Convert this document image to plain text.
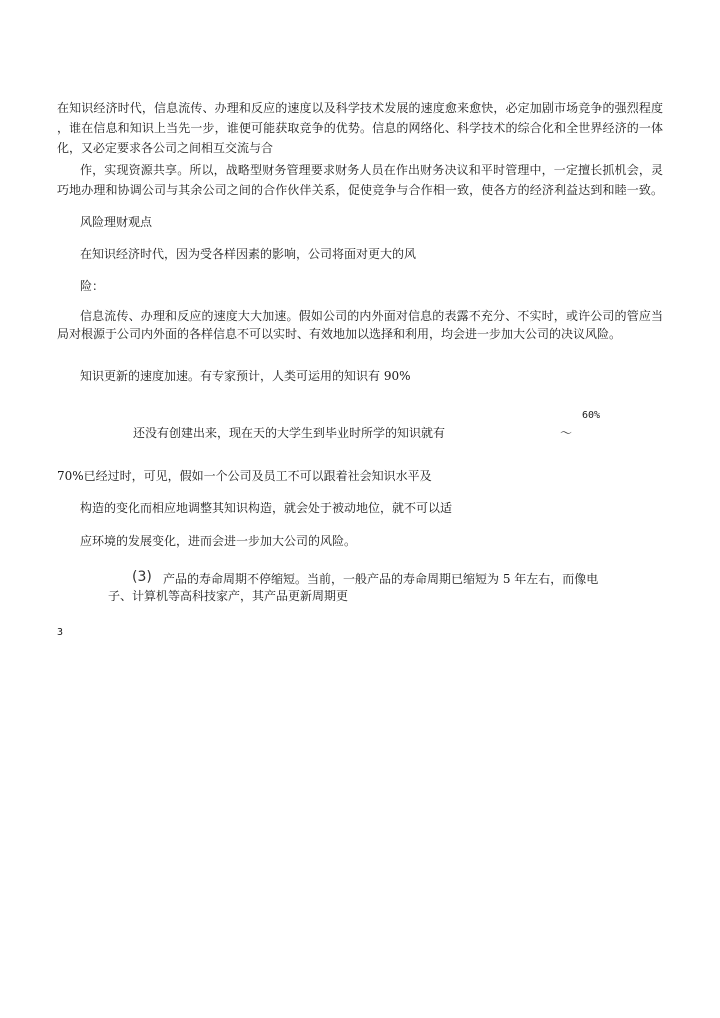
在知识经济时代，信息流传、办理和反应的速度以及科学技术发展的速度愈来愈快，必定加剧市场竞争的强烈程度
，谁在信息和知识上当先一步，谁便可能获取竞争的优势。信息的网络化、科学技术的综合化和全世界经济的一体
化，又必定要求各公司之间相互交流与合
作，实现资源共享。所以，战略型财务管理要求财务人员在作出财务决议和平时管理中，一定擅长抓机会，灵
巧地办理和协调公司与其余公司之间的合作伙伴关系，促使竞争与合作相一致，使各方的经济利益达到和睦一致。
风险理财观点
在知识经济时代，因为受各样因素的影响，公司将面对更大的风
险：
信息流传、办理和反应的速度大大加速。假如公司的内外面对信息的表露不充分、不实时，或许公司的管应当
局对根源于公司内外面的各样信息不可以实时、有效地加以选择和利用，均会进一步加大公司的决议风险。
知识更新的速度加速。有专家预计，人类可运用的知识有 90%
60%
还没有创建出来，现在天的大学生到毕业时所学的知识就有	～
70%已经过时，可见，假如一个公司及员工不可以跟着社会知识水平及
构造的变化而相应地调整其知识构造，就会处于被动地位，就不可以适
应环境的发展变化，进而会进一步加大公司的风险。
(3) 产品的寿命周期不停缩短。当前，一般产品的寿命周期已缩短为 5 年左右，而像电
子、计算机等高科技家产，其产品更新周期更
3
